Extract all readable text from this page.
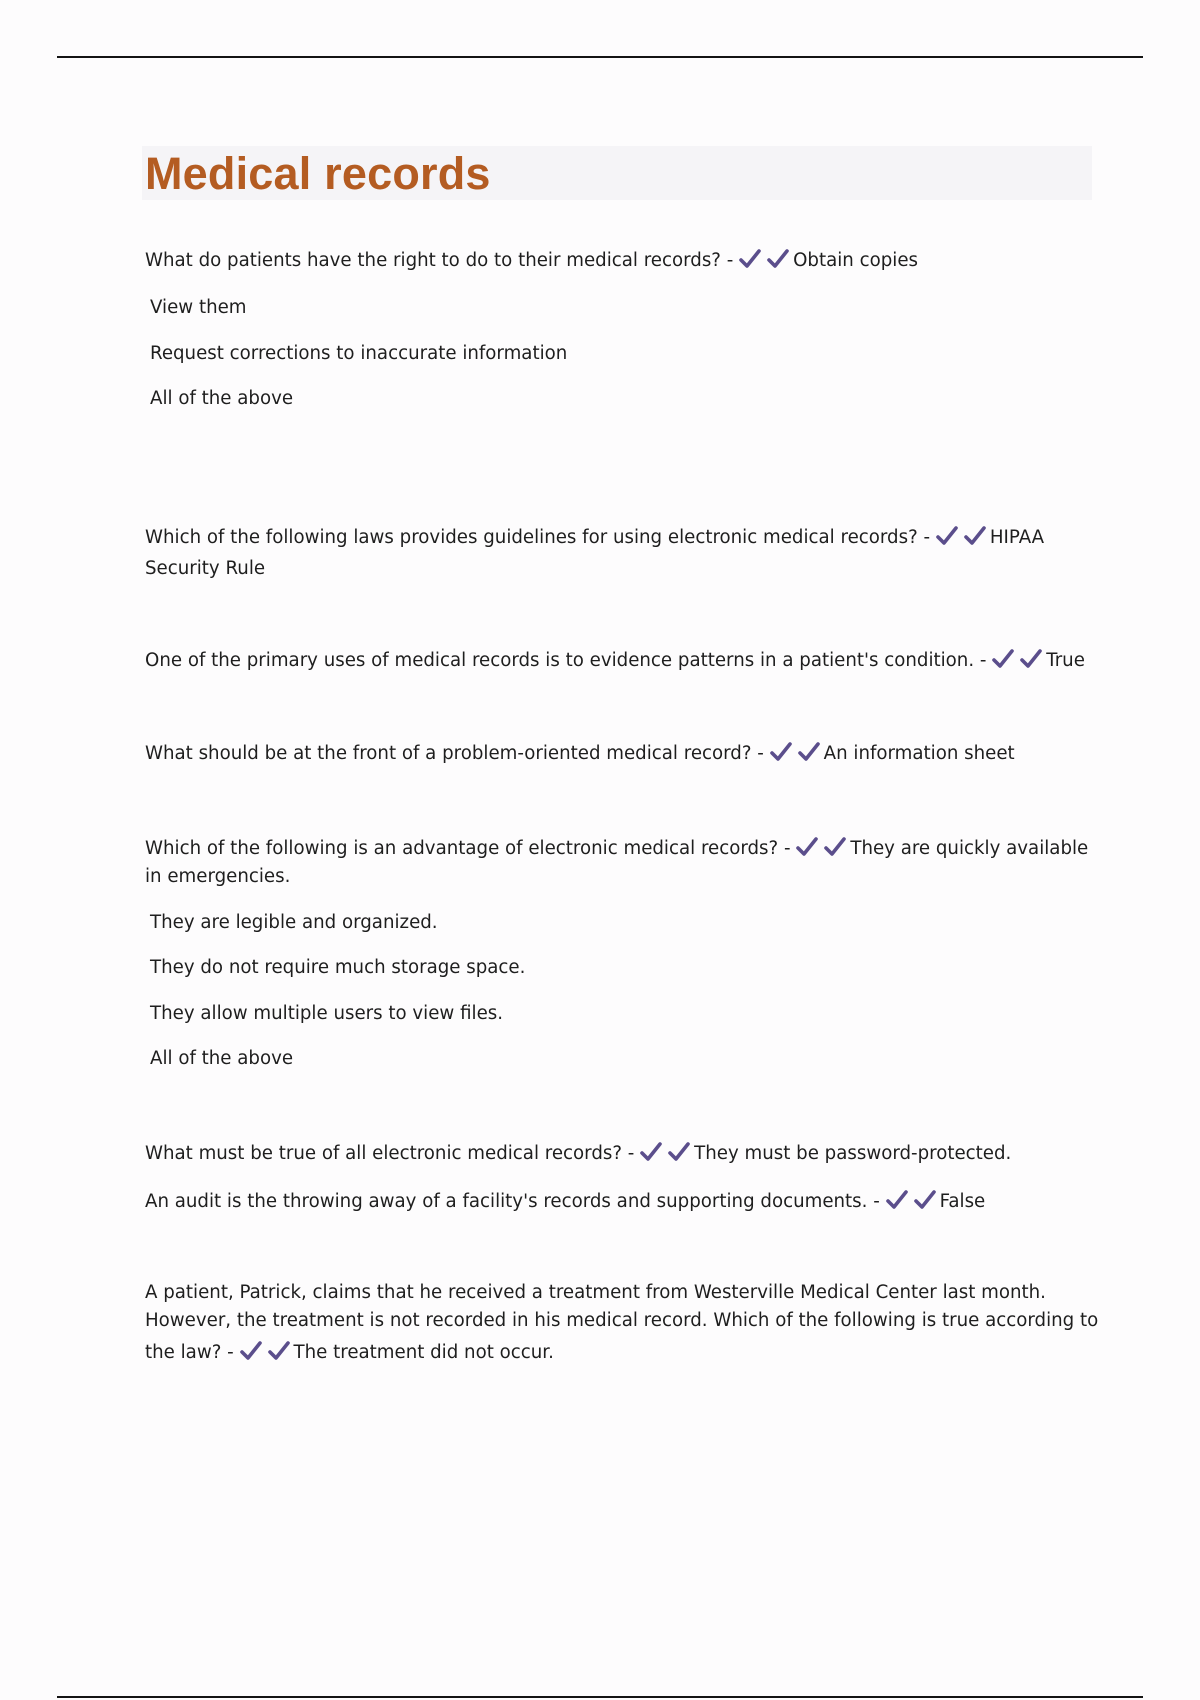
Medical records
What do patients have the right to do to their medical records? -	Obtain copies
View them
Request corrections to inaccurate information
All of the above
Which of the following laws provides guidelines for using electronic medical records? -	HIPAA
Security Rule
One of the primary uses of medical records is to evidence patterns in a patient's condition. -	True
What should be at the front of a problem-oriented medical record? -	An information sheet
Which of the following is an advantage of electronic medical records? -	They are quickly available
in emergencies.
They are legible and organized.
They do not require much storage space.
They allow multiple users to view files.
All of the above
What must be true of all electronic medical records? -	They must be password-protected.
An audit is the throwing away of a facility's records and supporting documents. -	False
A patient, Patrick, claims that he received a treatment from Westerville Medical Center last month.
However, the treatment is not recorded in his medical record. Which of the following is true according to
the law? -	The treatment did not occur.
